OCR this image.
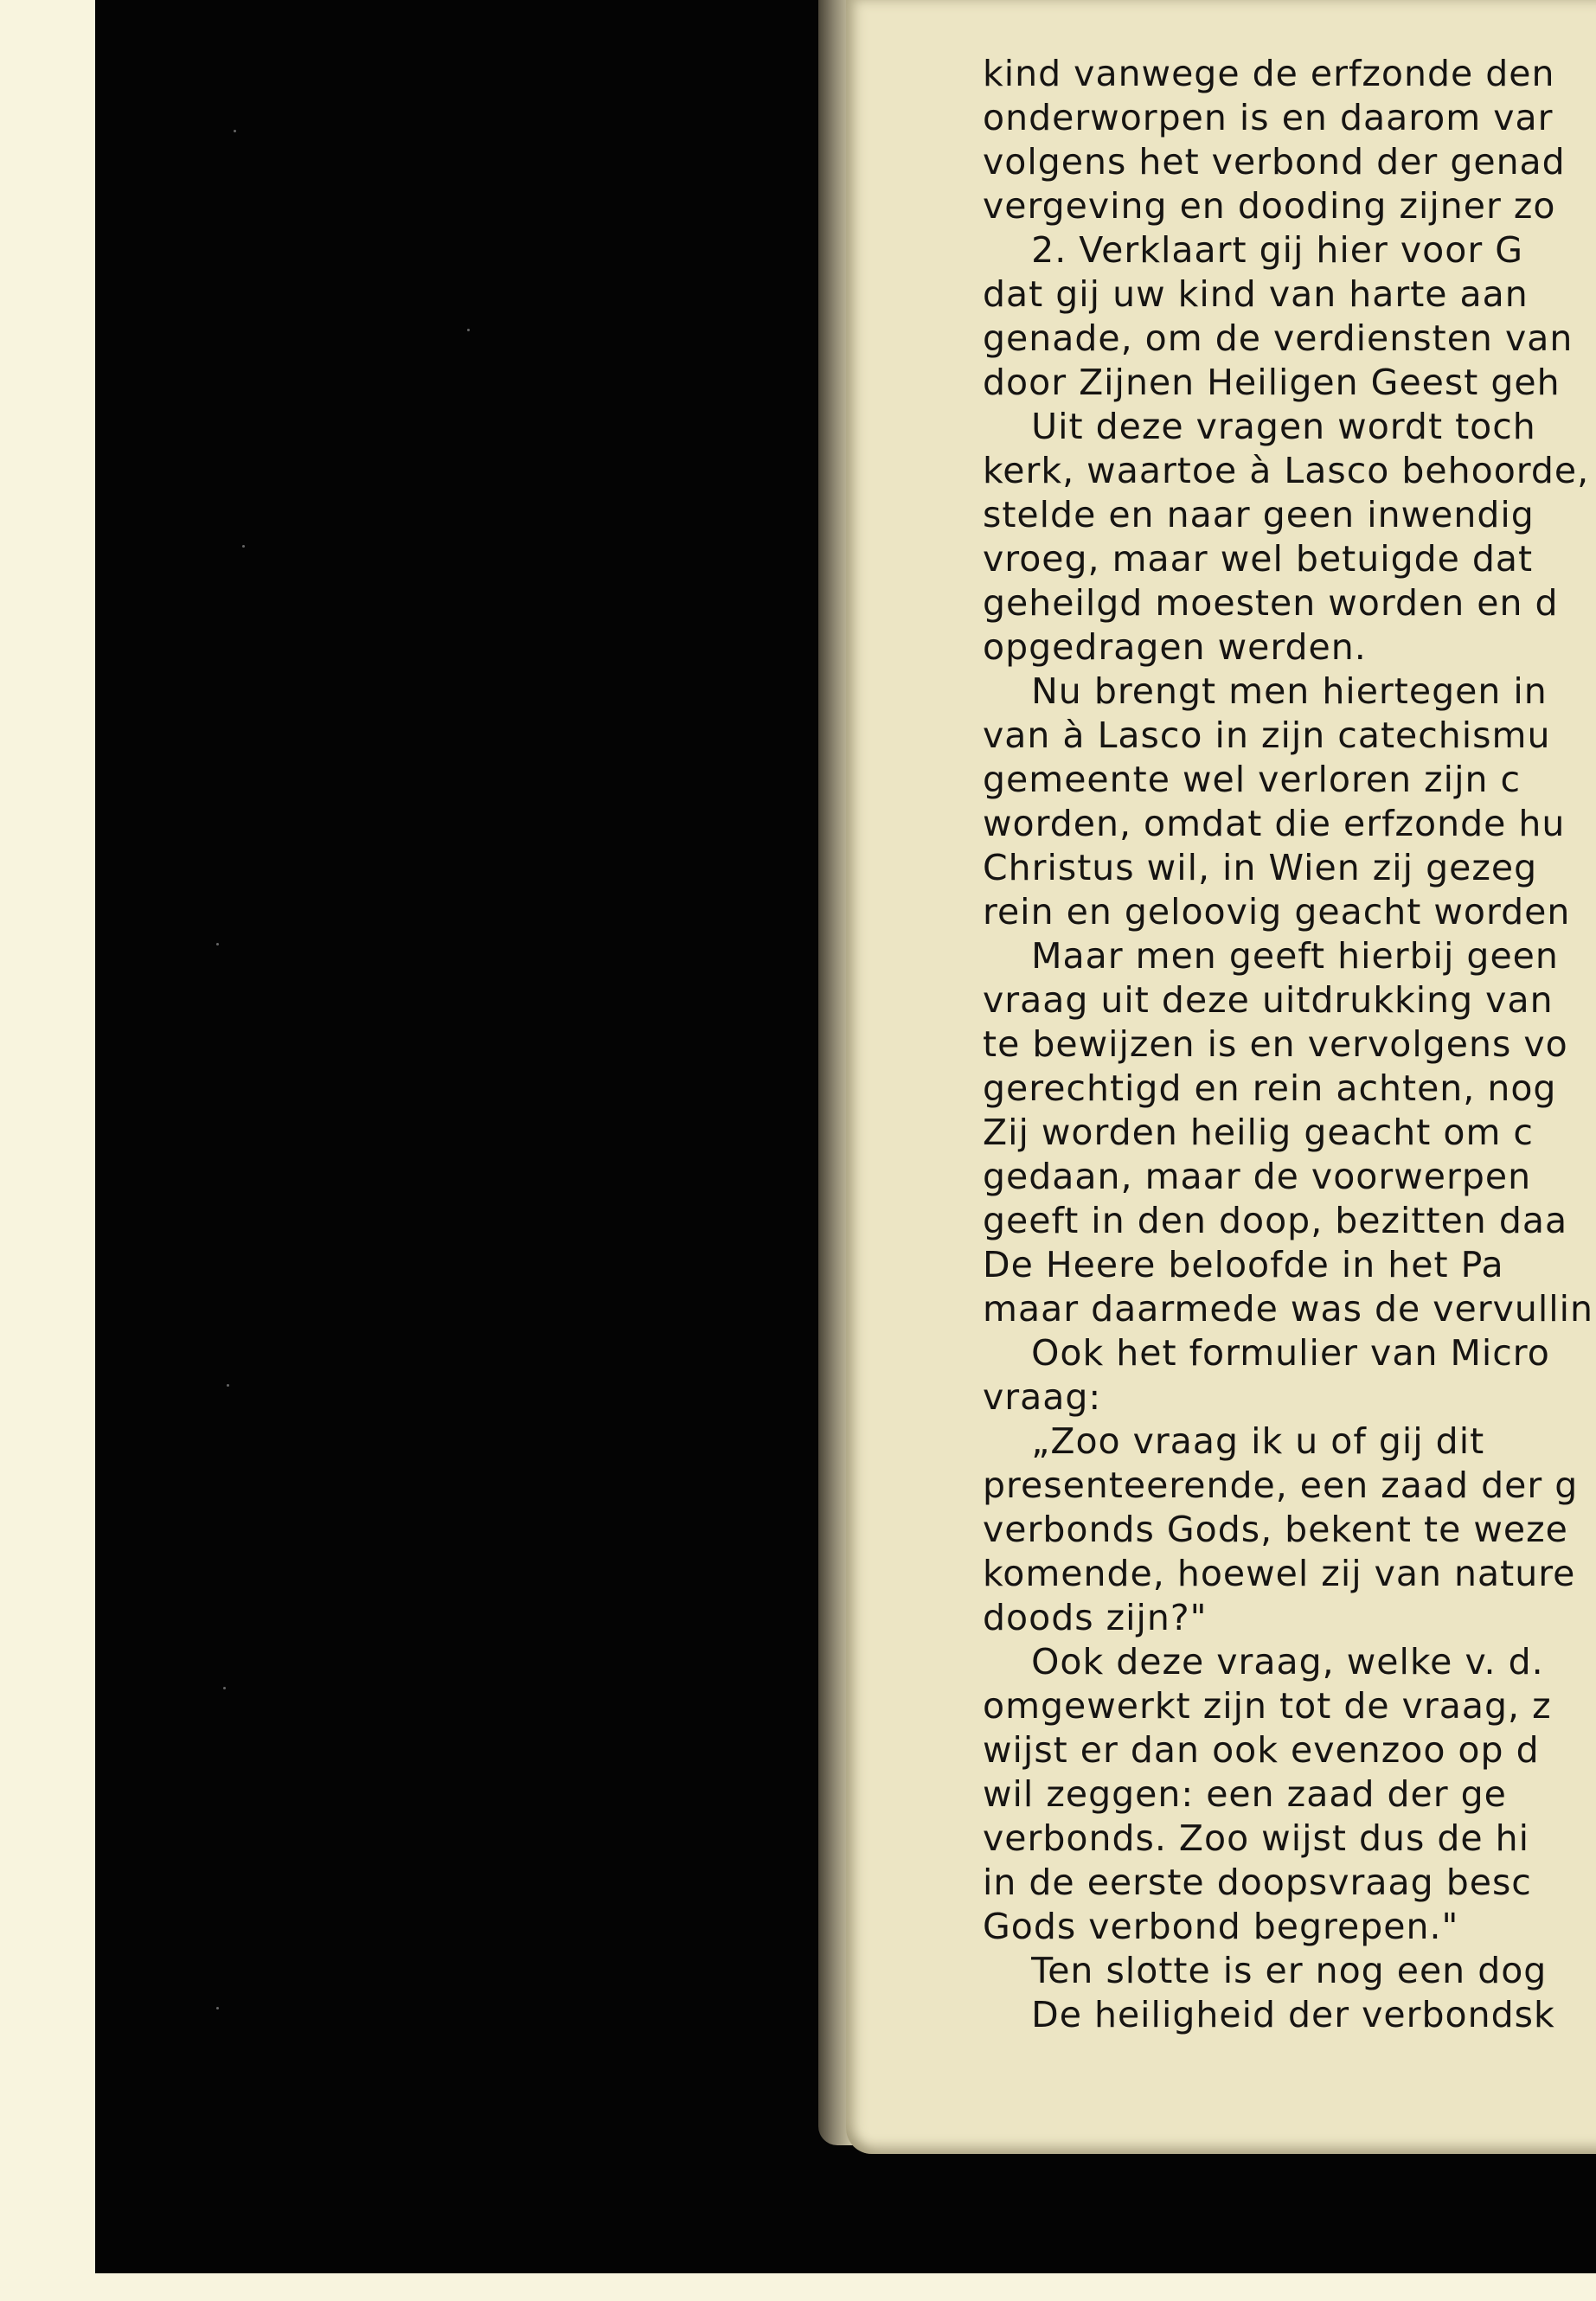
kind vanwege de erfzonde den
onderworpen is en daarom var
volgens het verbond der genad
vergeving en dooding zijner zo
2. Verklaart gij hier voor G
dat gij uw kind van harte aan
genade, om de verdiensten van
door Zijnen Heiligen Geest geh
Uit deze vragen wordt toch
kerk, waartoe à Lasco behoorde,
stelde en naar geen inwendig
vroeg, maar wel betuigde dat
geheilgd moesten worden en d
opgedragen werden.
Nu brengt men hiertegen in
van à Lasco in zijn catechismu
gemeente wel verloren zijn c
worden, omdat die erfzonde hu
Christus wil, in Wien zij gezeg
rein en geloovig geacht worden
Maar men geeft hierbij geen
vraag uit deze uitdrukking van
te bewijzen is en vervolgens vo
gerechtigd en rein achten, nog
Zij worden heilig geacht om c
gedaan, maar de voorwerpen
geeft in den doop, bezitten daa
De Heere beloofde in het Pa
maar daarmede was de vervullin
Ook het formulier van Micro
vraag:
„Zoo vraag ik u of gij dit
presenteerende, een zaad der g
verbonds Gods, bekent te weze
komende, hoewel zij van nature
doods zijn?"
Ook deze vraag, welke v. d.
omgewerkt zijn tot de vraag, z
wijst er dan ook evenzoo op d
wil zeggen: een zaad der ge
verbonds. Zoo wijst dus de hi
in de eerste doopsvraag besc
Gods verbond begrepen."
Ten slotte is er nog een dog
De heiligheid der verbondsk
